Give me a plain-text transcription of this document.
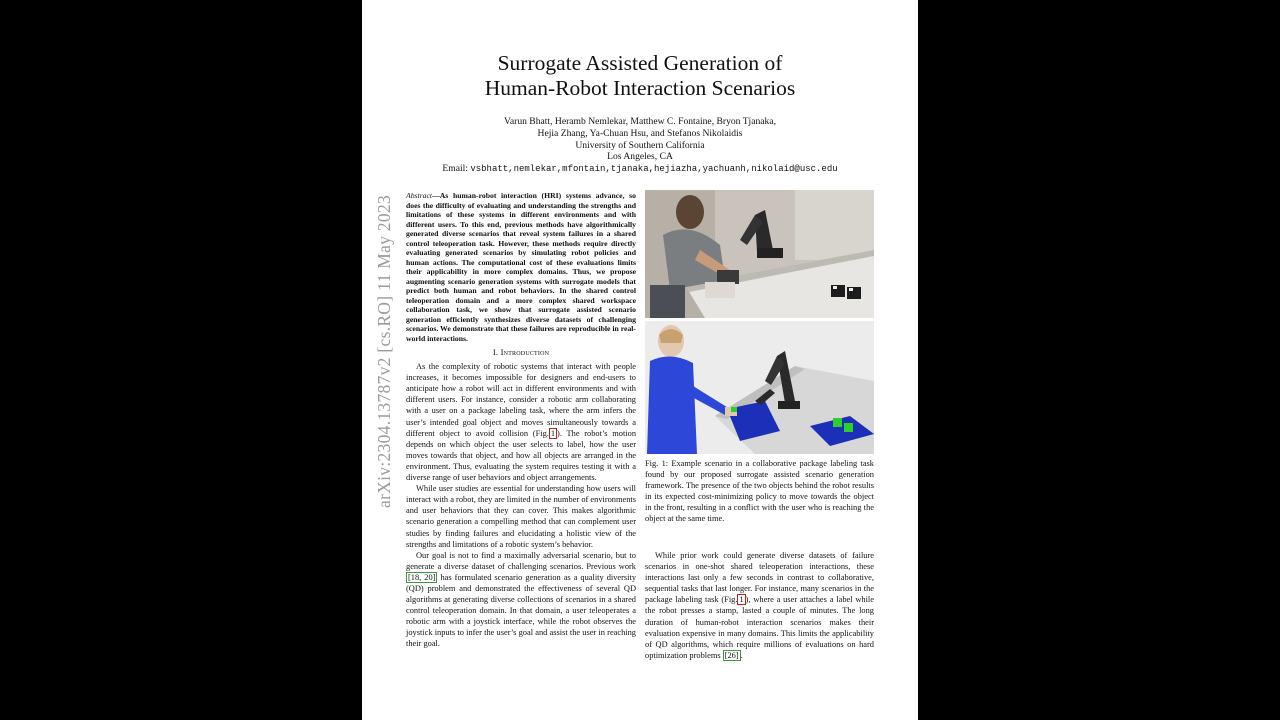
arXiv:2304.13787v2 [cs.RO] 11 May 2023
Surrogate Assisted Generation of
Human-Robot Interaction Scenarios
Varun Bhatt, Heramb Nemlekar, Matthew C. Fontaine, Bryon Tjanaka,
Hejia Zhang, Ya-Chuan Hsu, and Stefanos Nikolaidis
University of Southern California
Los Angeles, CA
Email: vsbhatt,nemlekar,mfontain,tjanaka,hejiazha,yachuanh,nikolaid@usc.edu

Abstract—As human-robot interaction (HRI) systems advance, so does the difficulty of evaluating and understanding the strengths and limitations of these systems in different environments and with different users. To this end, previous methods have algorithmically generated diverse scenarios that reveal system failures in a shared control teleoperation task. However, these methods require directly evaluating generated scenarios by simulating robot policies and human actions. The computational cost of these evaluations limits their applicability in more complex domains. Thus, we propose augmenting scenario generation systems with surrogate models that predict both human and robot behaviors. In the shared control teleoperation domain and a more complex shared workspace collaboration task, we show that surrogate assisted scenario generation efficiently synthesizes diverse datasets of challenging scenarios. We demonstrate that these failures are reproducible in real-world interactions.

I. Introduction

As the complexity of robotic systems that interact with people increases, it becomes impossible for designers and end-users to anticipate how a robot will act in different environments and with different users. For instance, consider a robotic arm collaborating with a user on a package labeling task, where the arm infers the user’s intended goal object and moves simultaneously towards a different object to avoid collision (Fig. 1 ). The robot’s motion depends on which object the user selects to label, how the user moves towards that object, and how all objects are arranged in the environment. Thus, evaluating the system requires testing it with a diverse range of user behaviors and object arrangements.

While user studies are essential for understanding how users will interact with a robot, they are limited in the number of environments and user behaviors that they can cover. This makes algorithmic scenario generation a compelling method that can complement user studies by finding failures and elucidating a holistic view of the strengths and limitations of a robotic system’s behavior.

Our goal is not to find a maximally adversarial scenario, but to generate a diverse dataset of challenging scenarios. Previous work [18, 20] has formulated scenario generation as a quality diversity (QD) problem and demonstrated the effectiveness of several QD algorithms at generating diverse collections of scenarios in a shared control teleoperation domain. In that domain, a user teleoperates a robotic arm with a joystick interface, while the robot observes the joystick inputs to infer the user’s goal and assist the user in reaching their goal.

Fig. 1: Example scenario in a collaborative package labeling task found by our proposed surrogate assisted scenario generation framework. The presence of the two objects behind the robot results in its expected cost-minimizing policy to move towards the object in the front, resulting in a conflict with the user who is reaching the object at the same time.

While prior work could generate diverse datasets of failure scenarios in one-shot shared teleoperation interactions, these interactions last only a few seconds in contrast to collaborative, sequential tasks that last longer. For instance, many scenarios in the package labeling task (Fig. 1 ), where a user attaches a label while the robot presses a stamp, lasted a couple of minutes. The long duration of human-robot interaction scenarios makes their evaluation expensive in many domains. This limits the applicability of QD algorithms, which require millions of evaluations on hard optimization problems [26] .
